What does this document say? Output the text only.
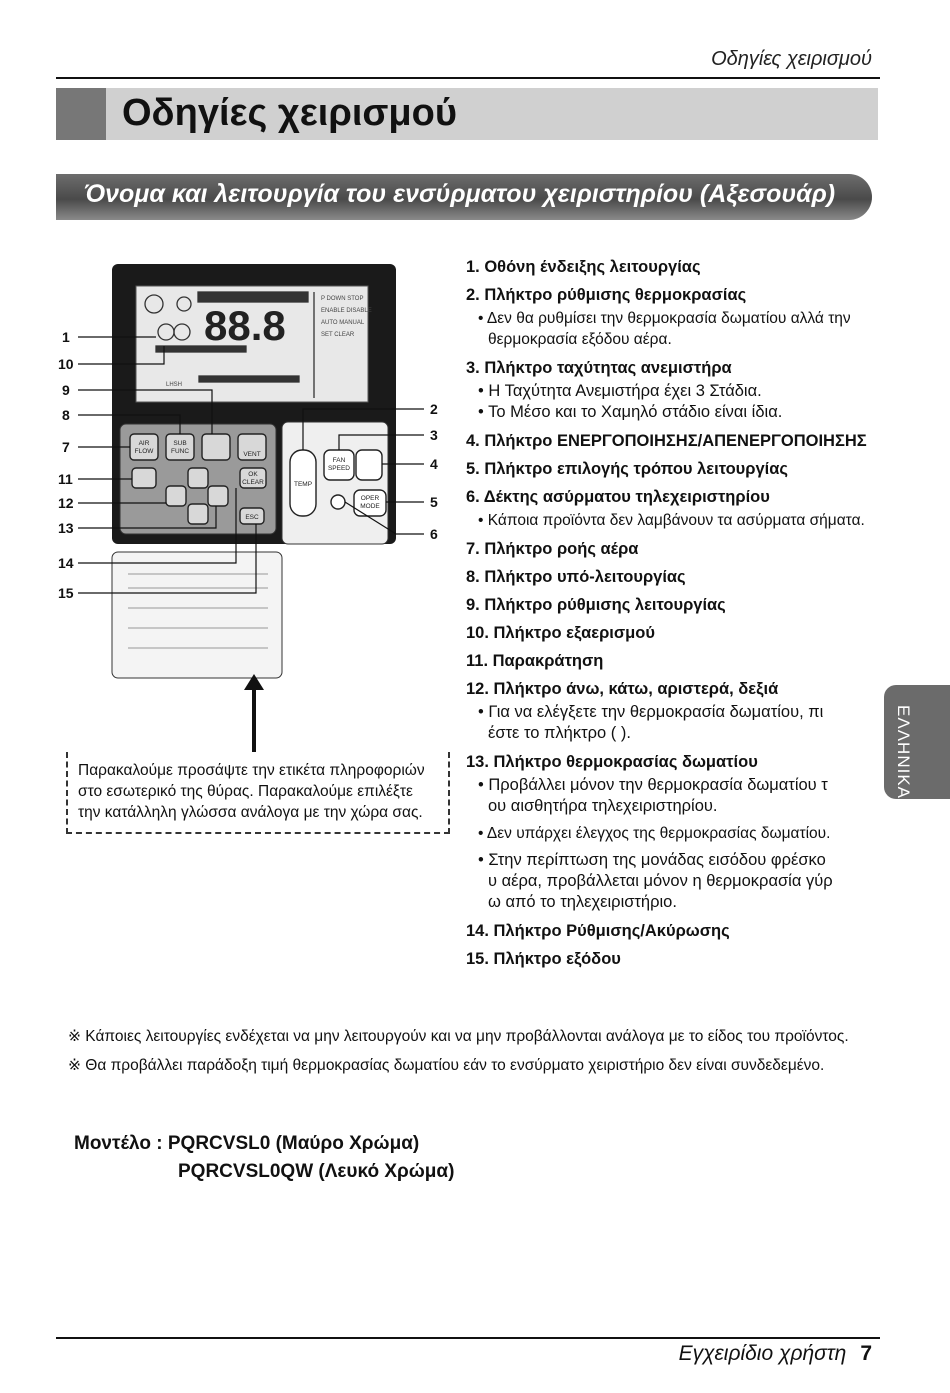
Οδηγίες χειρισμού
Οδηγίες χειρισμού
Όνομα και λειτουργία του ενσύρματου χειριστηρίου (Αξεσουάρ)
88.8
P DOWN STOP
ENABLE DISABLE
AUTO MANUAL
SET CLEAR
LHSH
AIR
FLOW
SUB
FUNC	VENT
OK
CLEAR
ESC
FAN
SPEED
TEMP
OPER
MODE
1
10
9
8
7
11
12
13
14
15
2
3
4
5
6
1. Οθόνη ένδειξης λειτουργίας
2. Πλήκτρο ρύθμισης θερμοκρασίας
• Δεν θα ρυθμίσει την θερμοκρασία δωματίου αλλά την
θερμοκρασία εξόδου αέρα.
3. Πλήκτρο ταχύτητας ανεμιστήρα
• Η Ταχύτητα Ανεμιστήρα έχει 3 Στάδια.
• Το Μέσο και το Χαμηλό στάδιο είναι ίδια.
4. Πλήκτρο ΕΝΕΡΓΟΠΟΙΗΣΗΣ/ΑΠΕΝΕΡΓΟΠΟΙΗΣΗΣ
5. Πλήκτρο επιλογής τρόπου λειτουργίας
6. Δέκτης ασύρματου τηλεχειριστηρίου
• Κάποια προϊόντα δεν λαμβάνουν τα ασύρματα σήματα.
7. Πλήκτρο ροής αέρα
8. Πλήκτρο υπό-λειτουργίας
9. Πλήκτρο ρύθμισης λειτουργίας
10. Πλήκτρο εξαερισμού
11. Παρακράτηση
12. Πλήκτρο άνω, κάτω, αριστερά, δεξιά
• Για να ελέγξετε την θερμοκρασία δωματίου, πι
έστε το πλήκτρο ( ).
13. Πλήκτρο θερμοκρασίας δωματίου
• Προβάλλει μόνον την θερμοκρασία δωματίου τ
ου αισθητήρα τηλεχειριστηρίου.
• Δεν υπάρχει έλεγχος της θερμοκρασίας δωματίου.
• Στην περίπτωση της μονάδας εισόδου φρέσκο
υ αέρα, προβάλλεται μόνον η θερμοκρασία γύρ
ω από το τηλεχειριστήριο.
14. Πλήκτρο Ρύθμισης/Ακύρωσης
15. Πλήκτρο εξόδου
ΕΛΛΗΝΙΚΑ
Παρακαλούμε προσάψτε την ετικέτα πληροφοριών
στο εσωτερικό της θύρας. Παρακαλούμε επιλέξτε
την κατάλληλη γλώσσα ανάλογα με την χώρα σας.
※ Κάποιες λειτουργίες ενδέχεται να μην λειτουργούν και να μην προβάλλονται ανάλογα με το είδος του προϊόντος.
※ Θα προβάλλει παράδοξη τιμή θερμοκρασίας δωματίου εάν το ενσύρματο χειριστήριο δεν είναι συνδεδεμένο.
Μοντέλο : PQRCVSL0 (Μαύρο Χρώμα)
PQRCVSL0QW (Λευκό Χρώμα)
Εγχειρίδιο χρήστη 7
